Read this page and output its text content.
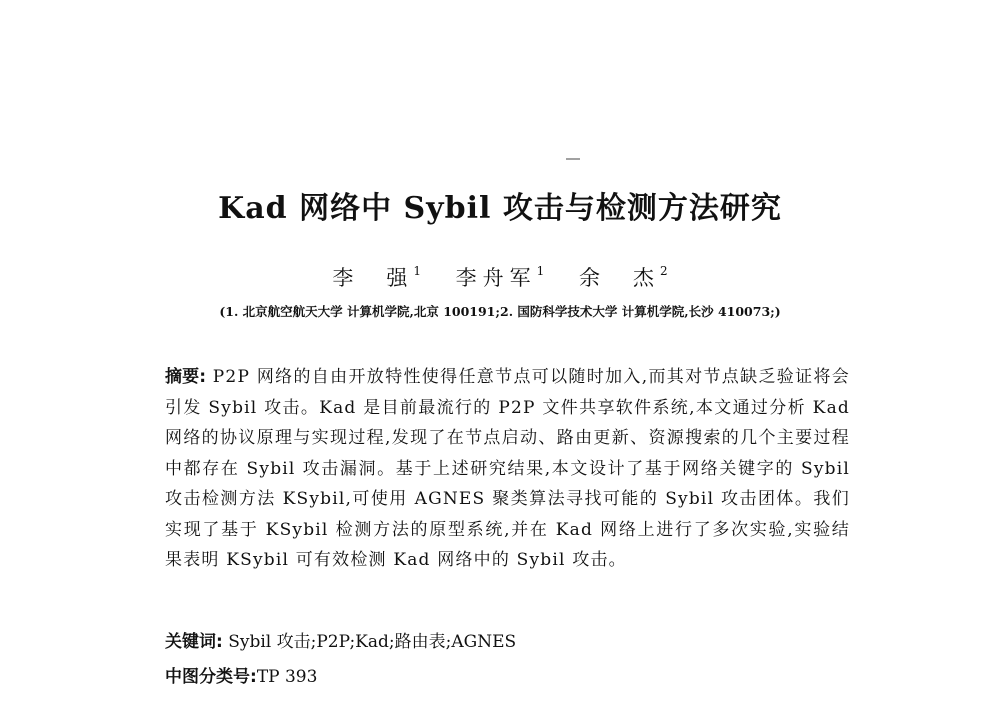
Kad 网络中 Sybil 攻击与检测方法研究

李　强$^1$ 李舟军$^1$ 余　杰$^2$

(1. 北京航空航天大学 计算机学院,北京 100191;2. 国防科学技术大学 计算机学院,长沙 410073;)

摘要: P2P 网络的自由开放特性使得任意节点可以随时加入,而其对节点缺乏验证将会引发 Sybil 攻击。Kad 是目前最流行的 P2P 文件共享软件系统,本文通过分析 Kad 网络的协议原理与实现过程,发现了在节点启动、路由更新、资源搜索的几个主要过程中都存在 Sybil 攻击漏洞。基于上述研究结果,本文设计了基于网络关键字的 Sybil 攻击检测方法 KSybil,可使用 AGNES 聚类算法寻找可能的 Sybil 攻击团体。我们实现了基于 KSybil 检测方法的原型系统,并在 Kad 网络上进行了多次实验,实验结果表明 KSybil 可有效检测 Kad 网络中的 Sybil 攻击。

关键词: Sybil 攻击;P2P;Kad;路由表;AGNES

中图分类号:TP 393
